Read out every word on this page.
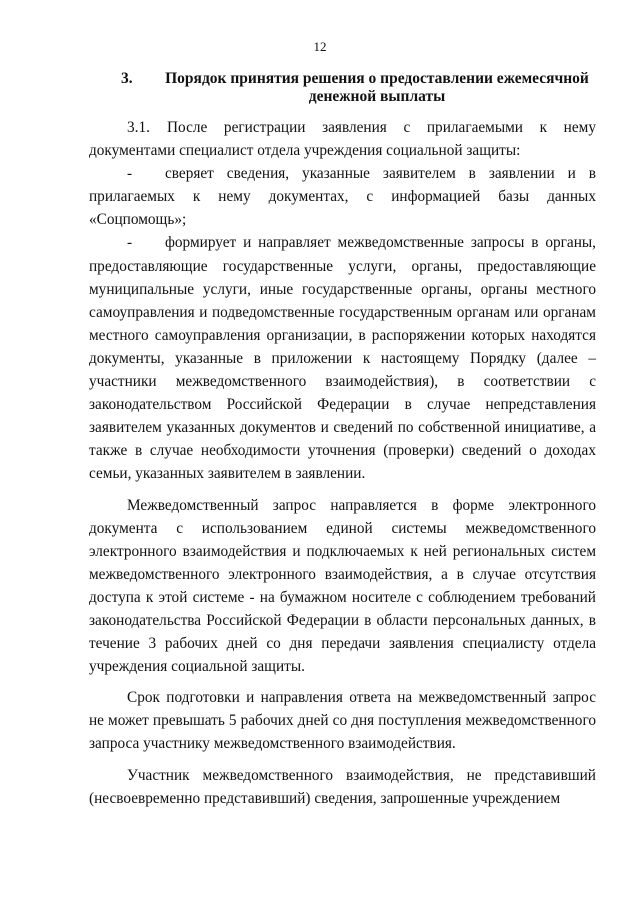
12
3.	Порядок принятия решения о предоставлении ежемесячной денежной выплаты

3.1. После регистрации заявления с прилагаемыми к нему документами специалист отдела учреждения социальной защиты:

- сверяет сведения, указанные заявителем в заявлении и в прилагаемых к нему документах, с информацией базы данных «Соцпомощь»;

- формирует и направляет межведомственные запросы в органы, предоставляющие государственные услуги, органы, предоставляющие муниципальные услуги, иные государственные органы, органы местного самоуправления и подведомственные государственным органам или органам местного самоуправления организации, в распоряжении которых находятся документы, указанные в приложении к настоящему Порядку (далее – участники межведомственного взаимодействия), в соответствии с законодательством Российской Федерации в случае непредставления заявителем указанных документов и сведений по собственной инициативе, а также в случае необходимости уточнения (проверки) сведений о доходах семьи, указанных заявителем в заявлении.

Межведомственный запрос направляется в форме электронного документа с использованием единой системы межведомственного электронного взаимодействия и подключаемых к ней региональных систем межведомственного электронного взаимодействия, а в случае отсутствия доступа к этой системе - на бумажном носителе с соблюдением требований законодательства Российской Федерации в области персональных данных, в течение 3 рабочих дней со дня передачи заявления специалисту отдела учреждения социальной защиты.

Срок подготовки и направления ответа на межведомственный запрос не может превышать 5 рабочих дней со дня поступления межведомственного запроса участнику межведомственного взаимодействия.

Участник межведомственного взаимодействия, не представивший (несвоевременно представивший) сведения, запрошенные учреждением
